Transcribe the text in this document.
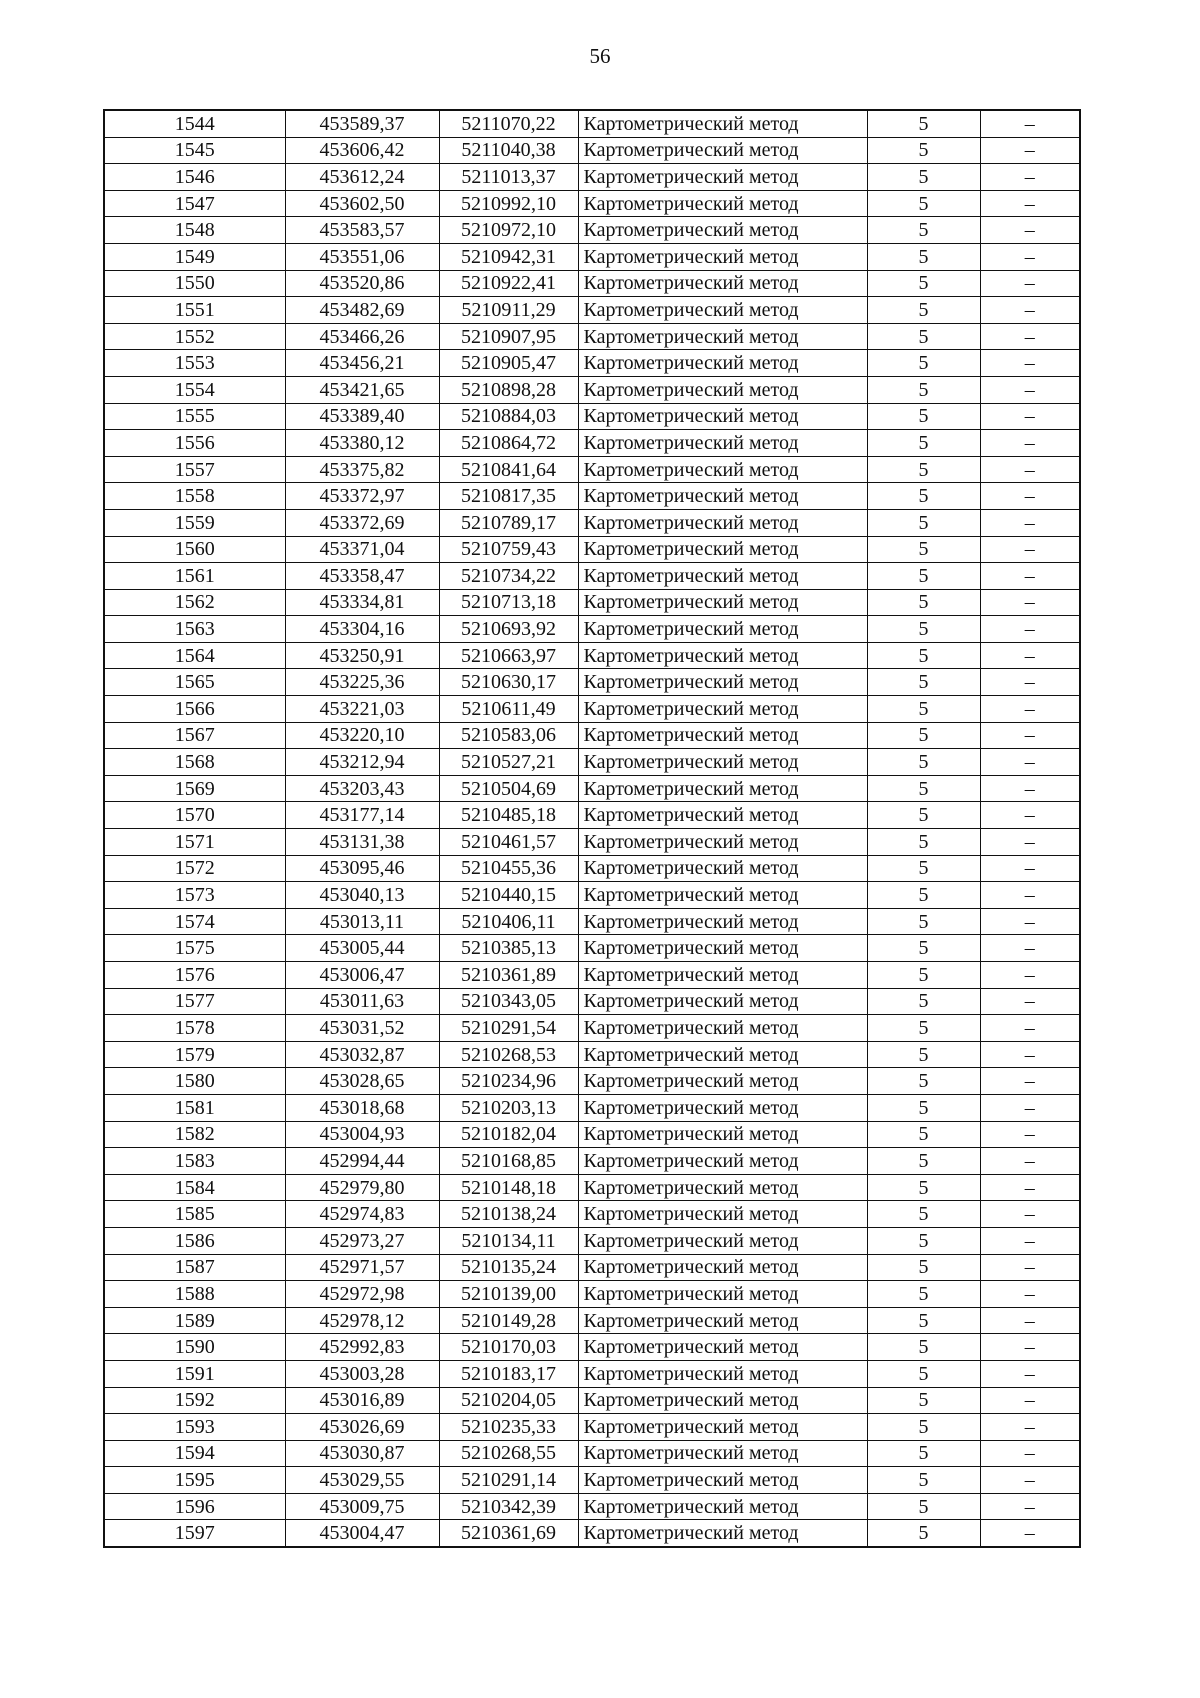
56
1544	453589,37	5211070,22	Картометрический метод	5	–
1545	453606,42	5211040,38	Картометрический метод	5	–
1546	453612,24	5211013,37	Картометрический метод	5	–
1547	453602,50	5210992,10	Картометрический метод	5	–
1548	453583,57	5210972,10	Картометрический метод	5	–
1549	453551,06	5210942,31	Картометрический метод	5	–
1550	453520,86	5210922,41	Картометрический метод	5	–
1551	453482,69	5210911,29	Картометрический метод	5	–
1552	453466,26	5210907,95	Картометрический метод	5	–
1553	453456,21	5210905,47	Картометрический метод	5	–
1554	453421,65	5210898,28	Картометрический метод	5	–
1555	453389,40	5210884,03	Картометрический метод	5	–
1556	453380,12	5210864,72	Картометрический метод	5	–
1557	453375,82	5210841,64	Картометрический метод	5	–
1558	453372,97	5210817,35	Картометрический метод	5	–
1559	453372,69	5210789,17	Картометрический метод	5	–
1560	453371,04	5210759,43	Картометрический метод	5	–
1561	453358,47	5210734,22	Картометрический метод	5	–
1562	453334,81	5210713,18	Картометрический метод	5	–
1563	453304,16	5210693,92	Картометрический метод	5	–
1564	453250,91	5210663,97	Картометрический метод	5	–
1565	453225,36	5210630,17	Картометрический метод	5	–
1566	453221,03	5210611,49	Картометрический метод	5	–
1567	453220,10	5210583,06	Картометрический метод	5	–
1568	453212,94	5210527,21	Картометрический метод	5	–
1569	453203,43	5210504,69	Картометрический метод	5	–
1570	453177,14	5210485,18	Картометрический метод	5	–
1571	453131,38	5210461,57	Картометрический метод	5	–
1572	453095,46	5210455,36	Картометрический метод	5	–
1573	453040,13	5210440,15	Картометрический метод	5	–
1574	453013,11	5210406,11	Картометрический метод	5	–
1575	453005,44	5210385,13	Картометрический метод	5	–
1576	453006,47	5210361,89	Картометрический метод	5	–
1577	453011,63	5210343,05	Картометрический метод	5	–
1578	453031,52	5210291,54	Картометрический метод	5	–
1579	453032,87	5210268,53	Картометрический метод	5	–
1580	453028,65	5210234,96	Картометрический метод	5	–
1581	453018,68	5210203,13	Картометрический метод	5	–
1582	453004,93	5210182,04	Картометрический метод	5	–
1583	452994,44	5210168,85	Картометрический метод	5	–
1584	452979,80	5210148,18	Картометрический метод	5	–
1585	452974,83	5210138,24	Картометрический метод	5	–
1586	452973,27	5210134,11	Картометрический метод	5	–
1587	452971,57	5210135,24	Картометрический метод	5	–
1588	452972,98	5210139,00	Картометрический метод	5	–
1589	452978,12	5210149,28	Картометрический метод	5	–
1590	452992,83	5210170,03	Картометрический метод	5	–
1591	453003,28	5210183,17	Картометрический метод	5	–
1592	453016,89	5210204,05	Картометрический метод	5	–
1593	453026,69	5210235,33	Картометрический метод	5	–
1594	453030,87	5210268,55	Картометрический метод	5	–
1595	453029,55	5210291,14	Картометрический метод	5	–
1596	453009,75	5210342,39	Картометрический метод	5	–
1597	453004,47	5210361,69	Картометрический метод	5	–
